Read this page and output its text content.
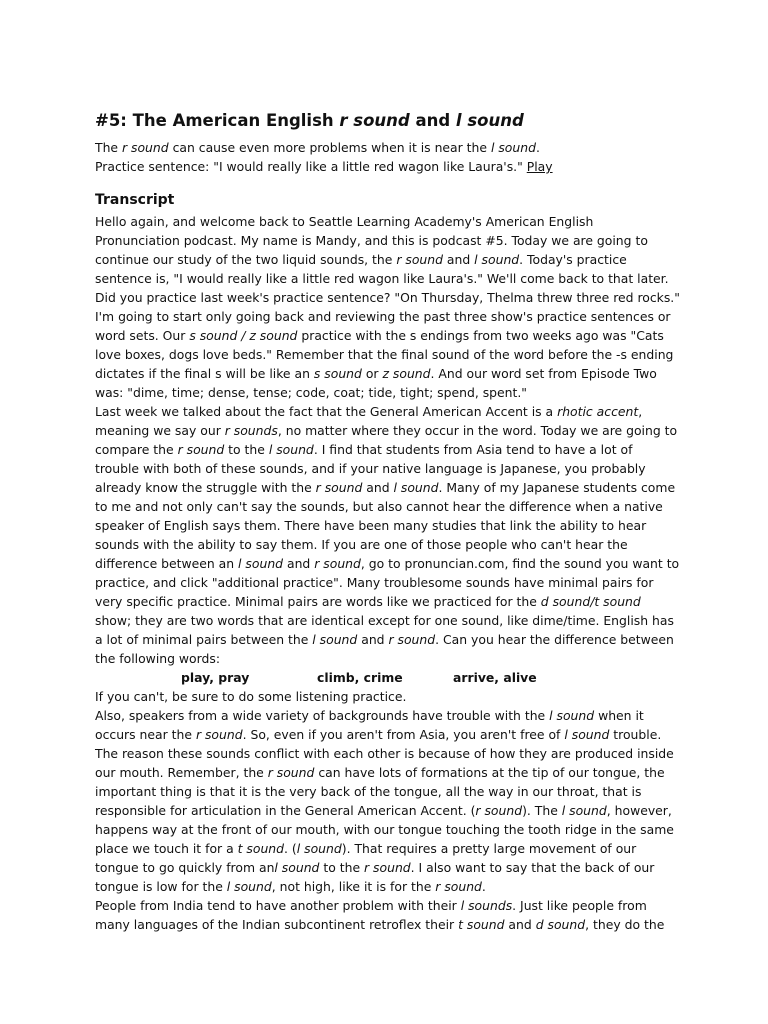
#5: The American English r sound and l sound
The r sound can cause even more problems when it is near the l sound.
Practice sentence: "I would really like a little red wagon like Laura's." Play
Transcript

Hello again, and welcome back to Seattle Learning Academy's American English Pronunciation podcast. My name is Mandy, and this is podcast #5. Today we are going to continue our study of the two liquid sounds, the r sound and l sound. Today's practice sentence is, "I would really like a little red wagon like Laura's." We'll come back to that later.

Did you practice last week's practice sentence? "On Thursday, Thelma threw three red rocks." I'm going to start only going back and reviewing the past three show's practice sentences or word sets. Our s sound / z sound practice with the s endings from two weeks ago was "Cats love boxes, dogs love beds." Remember that the final sound of the word before the -s ending dictates if the final s will be like an s sound or z sound. And our word set from Episode Two was: "dime, time; dense, tense; code, coat; tide, tight; spend, spent."

Last week we talked about the fact that the General American Accent is a rhotic accent, meaning we say our r sounds, no matter where they occur in the word. Today we are going to compare the r sound to the l sound. I find that students from Asia tend to have a lot of trouble with both of these sounds, and if your native language is Japanese, you probably already know the struggle with the r sound and l sound. Many of my Japanese students come to me and not only can't say the sounds, but also cannot hear the difference when a native speaker of English says them. There have been many studies that link the ability to hear sounds with the ability to say them. If you are one of those people who can't hear the difference between an l sound and r sound, go to pronuncian.com, find the sound you want to practice, and click "additional practice". Many troublesome sounds have minimal pairs for very specific practice. Minimal pairs are words like we practiced for the d sound/t sound show; they are two words that are identical except for one sound, like dime/time. English has a lot of minimal pairs between the l sound and r sound. Can you hear the difference between the following words:

play, pray	climb, crime	arrive, alive

If you can't, be sure to do some listening practice.

Also, speakers from a wide variety of backgrounds have trouble with the l sound when it occurs near the r sound. So, even if you aren't from Asia, you aren't free of l sound trouble. The reason these sounds conflict with each other is because of how they are produced inside our mouth. Remember, the r sound can have lots of formations at the tip of our tongue, the important thing is that it is the very back of the tongue, all the way in our throat, that is responsible for articulation in the General American Accent. (r sound). The l sound, however, happens way at the front of our mouth, with our tongue touching the tooth ridge in the same place we touch it for a t sound. (l sound). That requires a pretty large movement of our tongue to go quickly from anl sound to the r sound. I also want to say that the back of our tongue is low for the l sound, not high, like it is for the r sound.

People from India tend to have another problem with their l sounds. Just like people from many languages of the Indian subcontinent retroflex their t sound and d sound, they do the
